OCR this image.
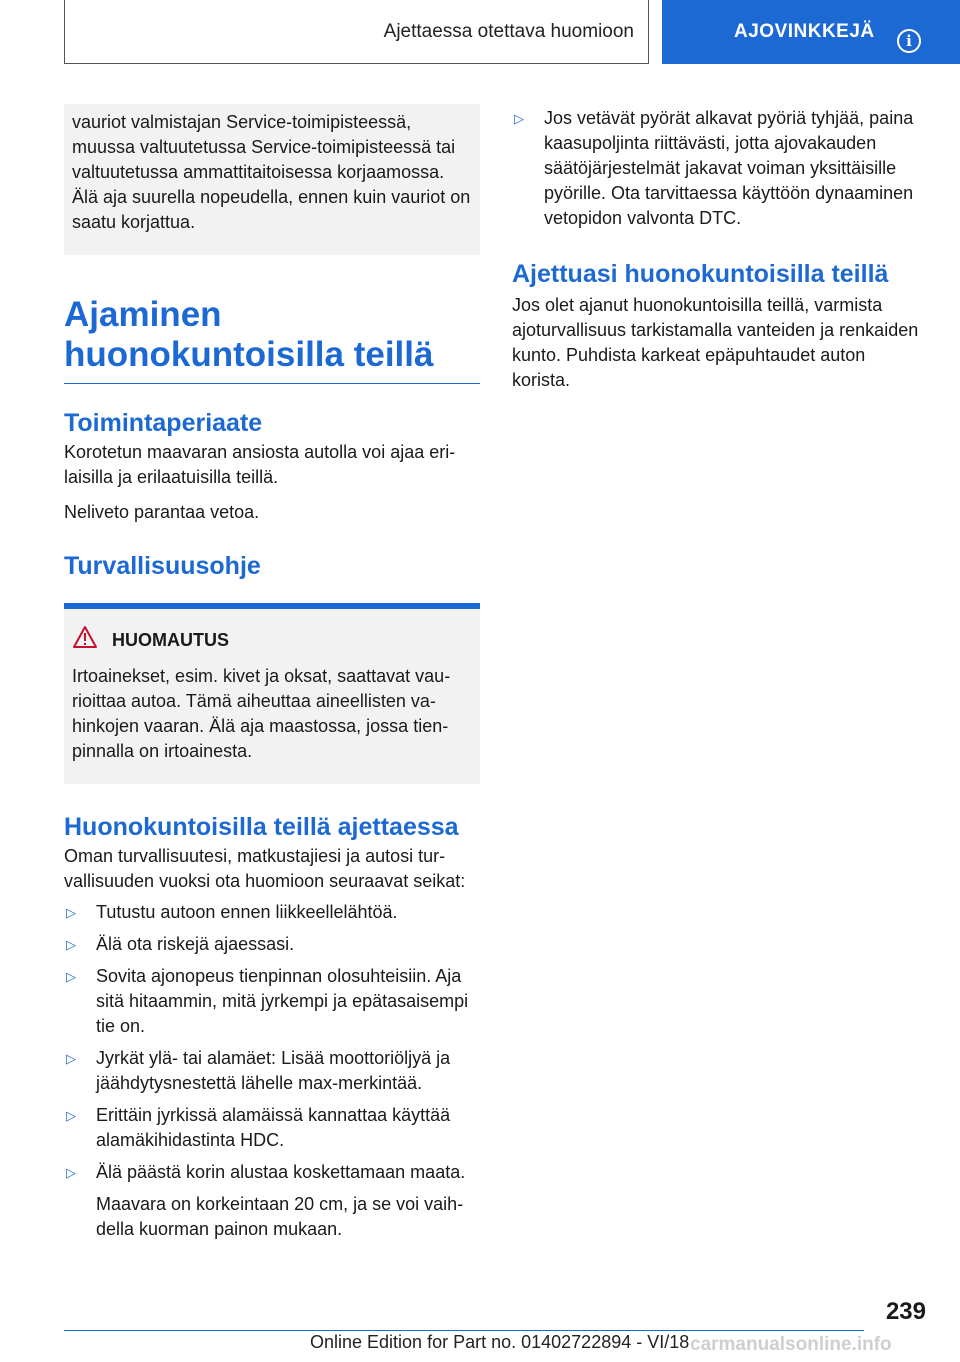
Ajettaessa otettava huomioon	AJOVINKKEJÄ	i
vauriot valmistajan Service-toimipisteessä, muussa valtuutetussa Service-toimipisteessä tai valtuutetussa ammattitaitoisessa korjaamossa. Älä aja suurella nopeudella, ennen kuin vauriot on saatu korjattua.
Ajaminen huonokuntoisilla teillä
Toimintaperiaate

Korotetun maavaran ansiosta autolla voi ajaa erilaisilla ja erilaatuisilla teillä.

Neliveto parantaa vetoa.

Turvallisuusohje
HUOMAUTUS
Irtoainekset, esim. kivet ja oksat, saattavat vaurioittaa autoa. Tämä aiheuttaa aineellisten vahinkojen vaaran. Älä aja maastossa, jossa tienpinnalla on irtoainesta.
Huonokuntoisilla teillä ajettaessa

Oman turvallisuutesi, matkustajiesi ja autosi turvallisuuden vuoksi ota huomioon seuraavat seikat:

▷	Tutustu autoon ennen liikkeellelähtöä.
▷	Älä ota riskejä ajaessasi.
▷	Sovita ajonopeus tienpinnan olosuhteisiin. Aja sitä hitaammin, mitä jyrkempi ja epätasaisempi tie on.
▷	Jyrkät ylä- tai alamäet: Lisää moottoriöljyä ja jäähdytysnestettä lähelle max-merkintää.
▷	Erittäin jyrkissä alamäissä kannattaa käyttää alamäkihidastinta HDC.
▷	Älä päästä korin alustaa koskettamaan maata.
Maavara on korkeintaan 20 cm, ja se voi vaihdella kuorman painon mukaan.
▷	Jos vetävät pyörät alkavat pyöriä tyhjää, paina kaasupoljinta riittävästi, jotta ajovakauden säätöjärjestelmät jakavat voiman yksittäisille pyörille. Ota tarvittaessa käyttöön dynaaminen vetopidon valvonta DTC.
Ajettuasi huonokuntoisilla teillä

Jos olet ajanut huonokuntoisilla teillä, varmista ajoturvallisuus tarkistamalla vanteiden ja renkaiden kunto. Puhdista karkeat epäpuhtaudet auton korista.

239
Online Edition for Part no. 01402722894 - VI/18 carmanualsonline.info
